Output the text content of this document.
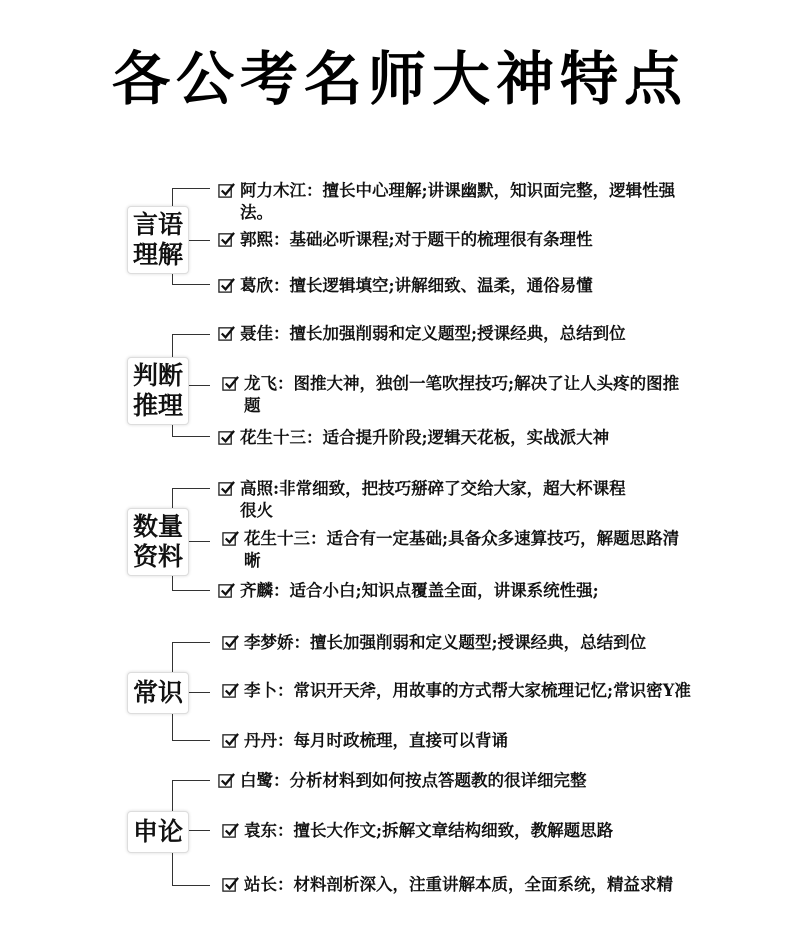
各公考名师大神特点
言语
理解
阿力木江：擅长中心理解;讲课幽默，知识面完整，逻辑性强法。
郭熙：基础必听课程;对于题干的梳理很有条理性
葛欣：擅长逻辑填空;讲解细致、温柔，通俗易懂
判断
推理
聂佳：擅长加强削弱和定义题型;授课经典，总结到位
龙飞：图推大神，独创一笔吹捏技巧;解决了让人头疼的图推题
花生十三：适合提升阶段;逻辑天花板，实战派大神
数量
资料
高照:非常细致，把技巧掰碎了交给大家，超大杯课程很火
花生十三：适合有一定基础;具备众多速算技巧，解题思路清晰
齐麟：适合小白;知识点覆盖全面，讲课系统性强;
常识
李梦娇：擅长加强削弱和定义题型;授课经典，总结到位
李卜：常识开天斧，用故事的方式帮大家梳理记忆;常识密Y准
丹丹：每月时政梳理，直接可以背诵
申论
白鹭：分析材料到如何按点答题教的很详细完整
袁东：擅长大作文;拆解文章结构细致，教解题思路
站长：材料剖析深入，注重讲解本质，全面系统，精益求精
